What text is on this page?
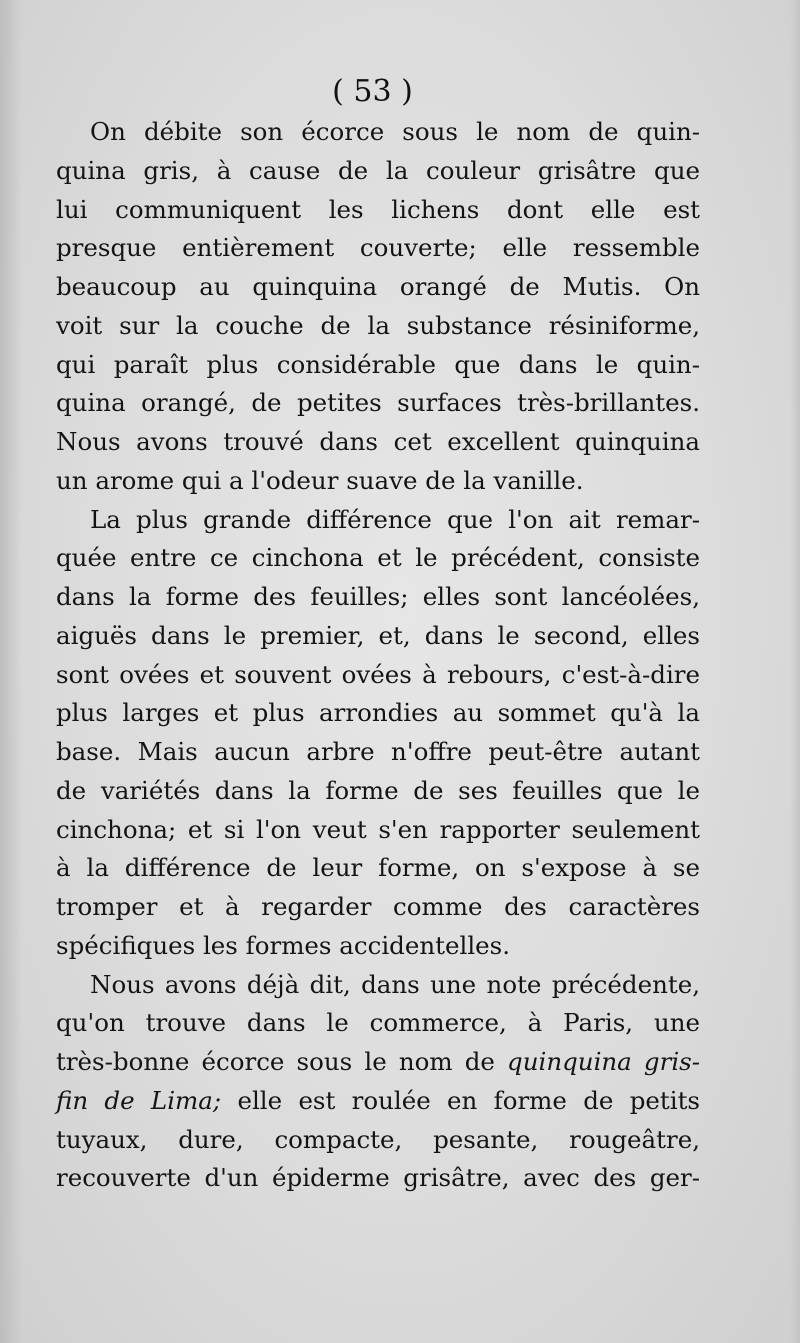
( 53 )
On débite son écorce sous le nom de quin-
quina gris, à cause de la couleur grisâtre que
lui communiquent les lichens dont elle est
presque entièrement couverte; elle ressemble
beaucoup au quinquina orangé de Mutis. On
voit sur la couche de la substance résiniforme,
qui paraît plus considérable que dans le quin-
quina orangé, de petites surfaces très-brillantes.
Nous avons trouvé dans cet excellent quinquina
un arome qui a l'odeur suave de la vanille.
La plus grande différence que l'on ait remar-
quée entre ce cinchona et le précédent, consiste
dans la forme des feuilles; elles sont lancéolées,
aiguës dans le premier, et, dans le second, elles
sont ovées et souvent ovées à rebours, c'est-à-dire
plus larges et plus arrondies au sommet qu'à la
base. Mais aucun arbre n'offre peut-être autant
de variétés dans la forme de ses feuilles que le
cinchona; et si l'on veut s'en rapporter seulement
à la différence de leur forme, on s'expose à se
tromper et à regarder comme des caractères
spécifiques les formes accidentelles.
Nous avons déjà dit, dans une note précédente,
qu'on trouve dans le commerce, à Paris, une
très-bonne écorce sous le nom de quinquina gris-
fin de Lima; elle est roulée en forme de petits
tuyaux, dure, compacte, pesante, rougeâtre,
recouverte d'un épiderme grisâtre, avec des ger-
